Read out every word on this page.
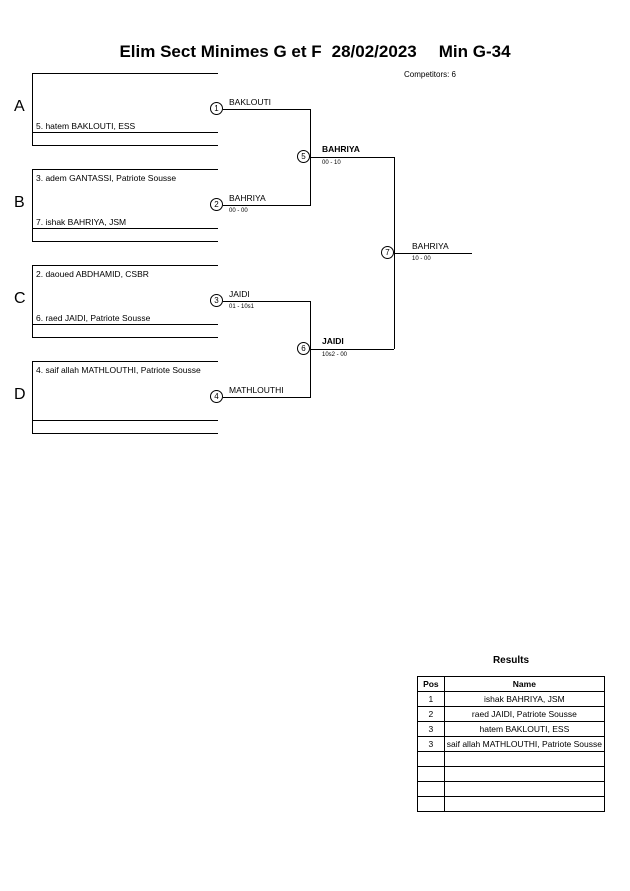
Elim Sect Minimes G et F 28/02/2023 Min G-34
Competitors: 6
A
B
C
D
5. hatem BAKLOUTI, ESS
1
BAKLOUTI
3. adem GANTASSI, Patriote Sousse
7. ishak BAHRIYA, JSM
2
BAHRIYA
00 - 00
2. daoued ABDHAMID, CSBR
6. raed JAIDI, Patriote Sousse
3
JAIDI
01 - 10s1
4. saif allah MATHLOUTHI, Patriote Sousse
4
MATHLOUTHI
5
BAHRIYA
00 - 10
6
JAIDI
10s2 - 00
7
BAHRIYA
10 - 00
Results
Pos	Name
1	ishak BAHRIYA, JSM
2	raed JAIDI, Patriote Sousse
3	hatem BAKLOUTI, ESS
3	saif allah MATHLOUTHI, Patriote Sousse
